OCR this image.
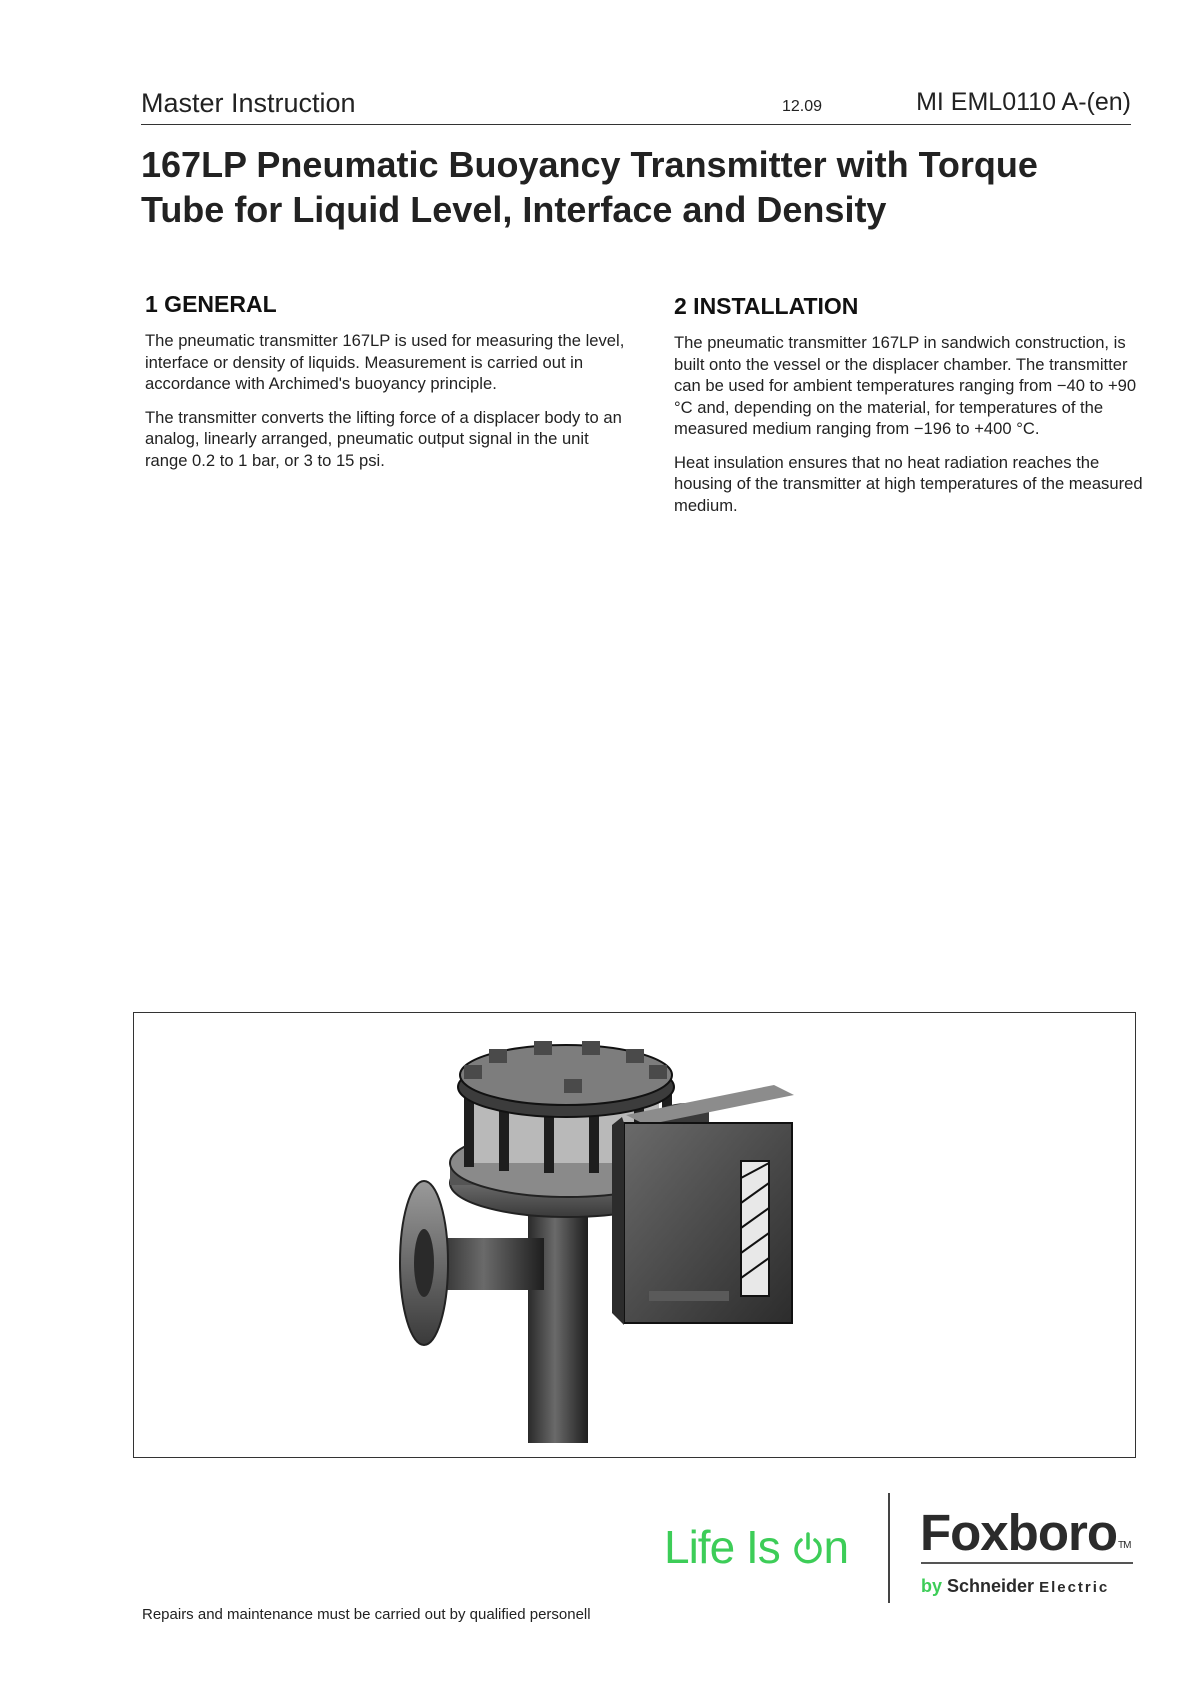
Master Instruction	12.09	MI EML0110 A-(en)
167LP Pneumatic Buoyancy Transmitter with Torque
Tube for Liquid Level, Interface and Density
1 GENERAL

The pneumatic transmitter 167LP is used for measuring the level, interface or density of liquids. Measurement is carried out in accordance with Archimed's buoyancy principle.

The transmitter converts the lifting force of a displacer body to an analog, linearly arranged, pneumatic output signal in the unit range 0.2 to 1 bar, or 3 to 15 psi.

2 INSTALLATION

The pneumatic transmitter 167LP in sandwich construction, is built onto the vessel or the displacer chamber. The transmitter can be used for ambient temperatures ranging from −40 to +90 °C and, depending on the material, for temperatures of the measured medium ranging from −196 to +400 °C.

Heat insulation ensures that no heat radiation reaches the housing of the transmitter at high temperatures of the measured medium.

Life Is n FoxboroTM
by Schneider Electric
Repairs and maintenance must be carried out by qualified personell
